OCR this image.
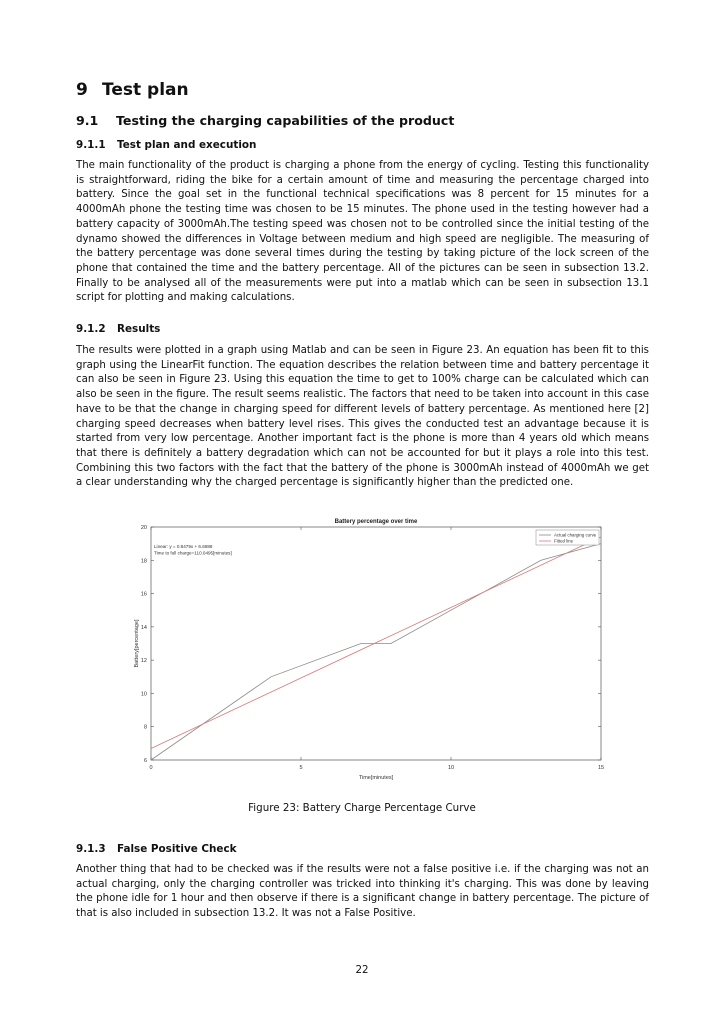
9 Test plan
9.1 Testing the charging capabilities of the product
9.1.1 Test plan and execution
The main functionality of the product is charging a phone from the energy of cycling. Testing this functionality is straightforward, riding the bike for a certain amount of time and measuring the percentage charged into battery. Since the goal set in the functional technical specifications was 8 percent for 15 minutes for a 4000mAh phone the testing time was chosen to be 15 minutes. The phone used in the testing however had a battery capacity of 3000mAh.The testing speed was chosen not to be controlled since the initial testing of the dynamo showed the differences in Voltage between medium and high speed are negligible. The measuring of the battery percentage was done several times during the testing by taking picture of the lock screen of the phone that contained the time and the battery percentage. All of the pictures can be seen in subsection 13.2. Finally to be analysed all of the measurements were put into a matlab which can be seen in subsection 13.1 script for plotting and making calculations.
9.1.2 Results
The results were plotted in a graph using Matlab and can be seen in Figure 23. An equation has been fit to this graph using the LinearFit function. The equation describes the relation between time and battery percentage it can also be seen in Figure 23. Using this equation the time to get to 100% charge can be calculated which can also be seen in the figure. The result seems realistic. The factors that need to be taken into account in this case have to be that the change in charging speed for different levels of battery percentage. As mentioned here [2] charging speed decreases when battery level rises. This gives the conducted test an advantage because it is started from very low percentage. Another important fact is the phone is more than 4 years old which means that there is definitely a battery degradation which can not be accounted for but it plays a role into this test. Combining this two factors with the fact that the battery of the phone is 3000mAh instead of 4000mAh we get a clear understanding why the charged percentage is significantly higher than the predicted one.
0	5	10	15
6
8
10
12
14
16
18
20
Battery percentage over time
Time[minutes]
Battery[percentage]
Linear: y = 0.8479x + 6.6888
Time to full charge=110.0495[minutes]
Actual charging curve
Fitted line
Figure 23: Battery Charge Percentage Curve
9.1.3 False Positive Check
Another thing that had to be checked was if the results were not a false positive i.e. if the charging was not an actual charging, only the charging controller was tricked into thinking it's charging. This was done by leaving the phone idle for 1 hour and then observe if there is a significant change in battery percentage. The picture of that is also included in subsection 13.2. It was not a False Positive.
22
